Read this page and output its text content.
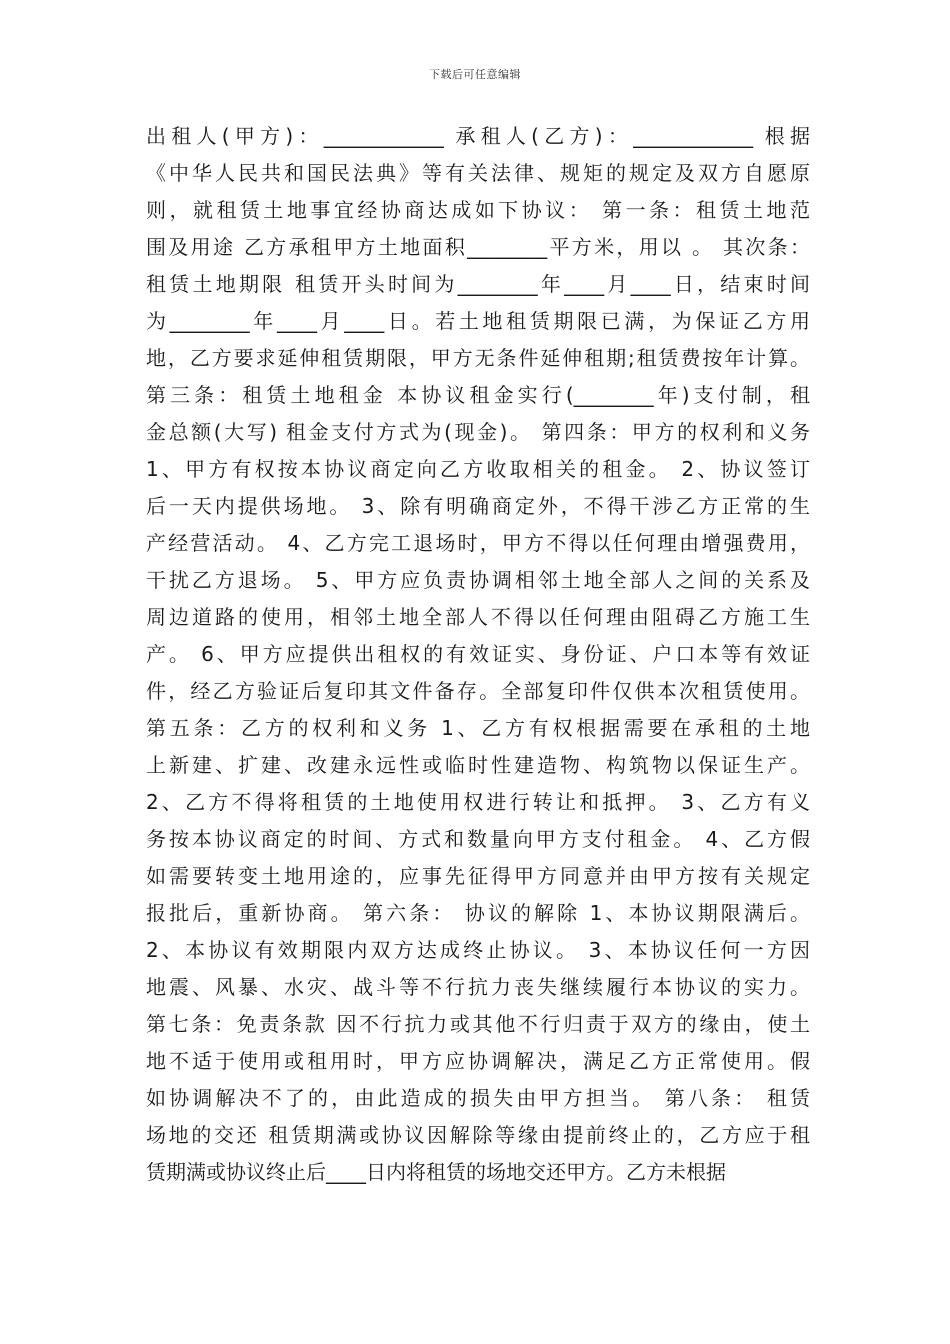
下载后可任意编辑
出租人(甲方)：____________ 承租人(乙方)：____________ 根据
《中华人民共和国民法典》等有关法律、规矩的规定及双方自愿原
则，就租赁土地事宜经协商达成如下协议： 第一条：租赁土地范
围及用途 乙方承租甲方土地面积________平方米，用以 。 其次条：
租赁土地期限 租赁开头时间为________年____月____日，结束时间
为________年____月____日。若土地租赁期限已满，为保证乙方用
地，乙方要求延伸租赁期限，甲方无条件延伸租期;租赁费按年计算。
第三条：租赁土地租金 本协议租金实行(________年)支付制，租
金总额(大写) 租金支付方式为(现金)。 第四条：甲方的权利和义务
1、甲方有权按本协议商定向乙方收取相关的租金。 2、协议签订
后一天内提供场地。 3、除有明确商定外，不得干涉乙方正常的生
产经营活动。 4、乙方完工退场时，甲方不得以任何理由增强费用，
干扰乙方退场。 5、甲方应负责协调相邻土地全部人之间的关系及
周边道路的使用，相邻土地全部人不得以任何理由阻碍乙方施工生
产。 6、甲方应提供出租权的有效证实、身份证、户口本等有效证
件，经乙方验证后复印其文件备存。全部复印件仅供本次租赁使用。
第五条：乙方的权利和义务 1、乙方有权根据需要在承租的土地
上新建、扩建、改建永远性或临时性建造物、构筑物以保证生产。
2、乙方不得将租赁的土地使用权进行转让和抵押。 3、乙方有义
务按本协议商定的时间、方式和数量向甲方支付租金。 4、乙方假
如需要转变土地用途的，应事先征得甲方同意并由甲方按有关规定
报批后，重新协商。 第六条： 协议的解除 1、本协议期限满后。
2、本协议有效期限内双方达成终止协议。 3、本协议任何一方因
地震、风暴、水灾、战斗等不行抗力丧失继续履行本协议的实力。
第七条：免责条款 因不行抗力或其他不行归责于双方的缘由，使土
地不适于使用或租用时，甲方应协调解决，满足乙方正常使用。假
如协调解决不了的，由此造成的损失由甲方担当。 第八条： 租赁
场地的交还 租赁期满或协议因解除等缘由提前终止的，乙方应于租
赁期满或协议终止后____日内将租赁的场地交还甲方。乙方未根据
